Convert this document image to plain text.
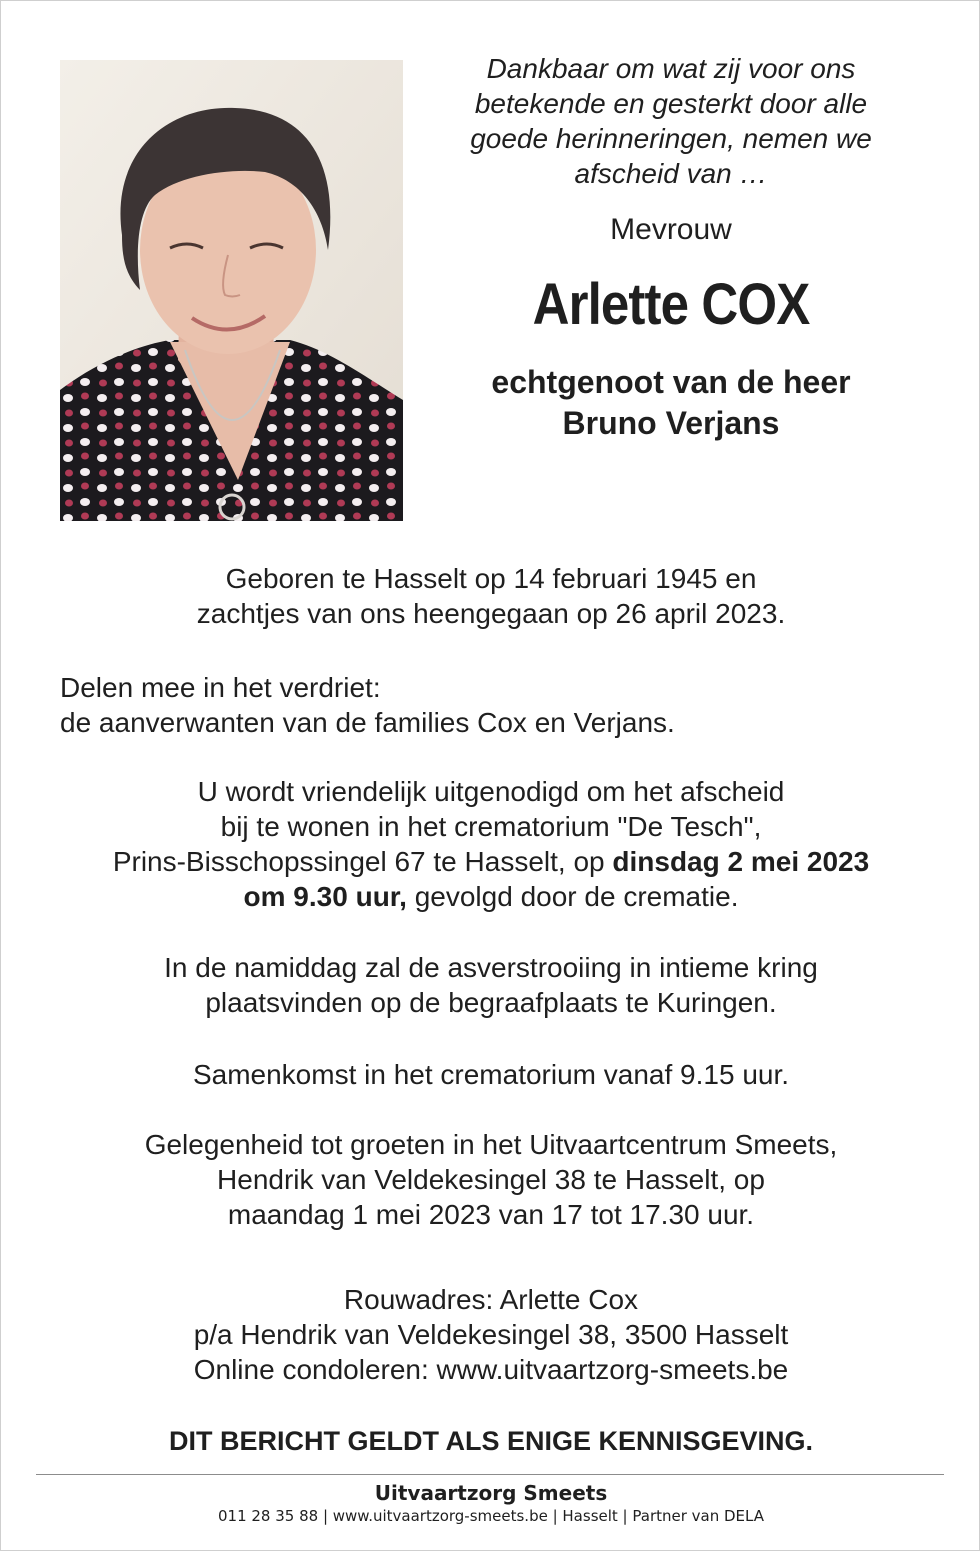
Dankbaar om wat zij voor ons
betekende en gesterkt door alle
goede herinneringen, nemen we
afscheid van …

Mevrouw
Arlette COX
echtgenoot van de heer
Bruno Verjans
Geboren te Hasselt op 14 februari 1945 en
zachtjes van ons heengegaan op 26 april 2023.
Delen mee in het verdriet:
de aanverwanten van de families Cox en Verjans.
U wordt vriendelijk uitgenodigd om het afscheid
bij te wonen in het crematorium "De Tesch",
Prins-Bisschopssingel 67 te Hasselt, op dinsdag 2 mei 2023
om 9.30 uur, gevolgd door de crematie.
In de namiddag zal de asverstrooiing in intieme kring
plaatsvinden op de begraafplaats te Kuringen.
Samenkomst in het crematorium vanaf 9.15 uur.
Gelegenheid tot groeten in het Uitvaartcentrum Smeets,
Hendrik van Veldekesingel 38 te Hasselt, op
maandag 1 mei 2023 van 17 tot 17.30 uur.
Rouwadres: Arlette Cox
p/a Hendrik van Veldekesingel 38, 3500 Hasselt
Online condoleren: www.uitvaartzorg-smeets.be
DIT BERICHT GELDT ALS ENIGE KENNISGEVING.
Uitvaartzorg Smeets
011 28 35 88 | www.uitvaartzorg-smeets.be | Hasselt | Partner van DELA
